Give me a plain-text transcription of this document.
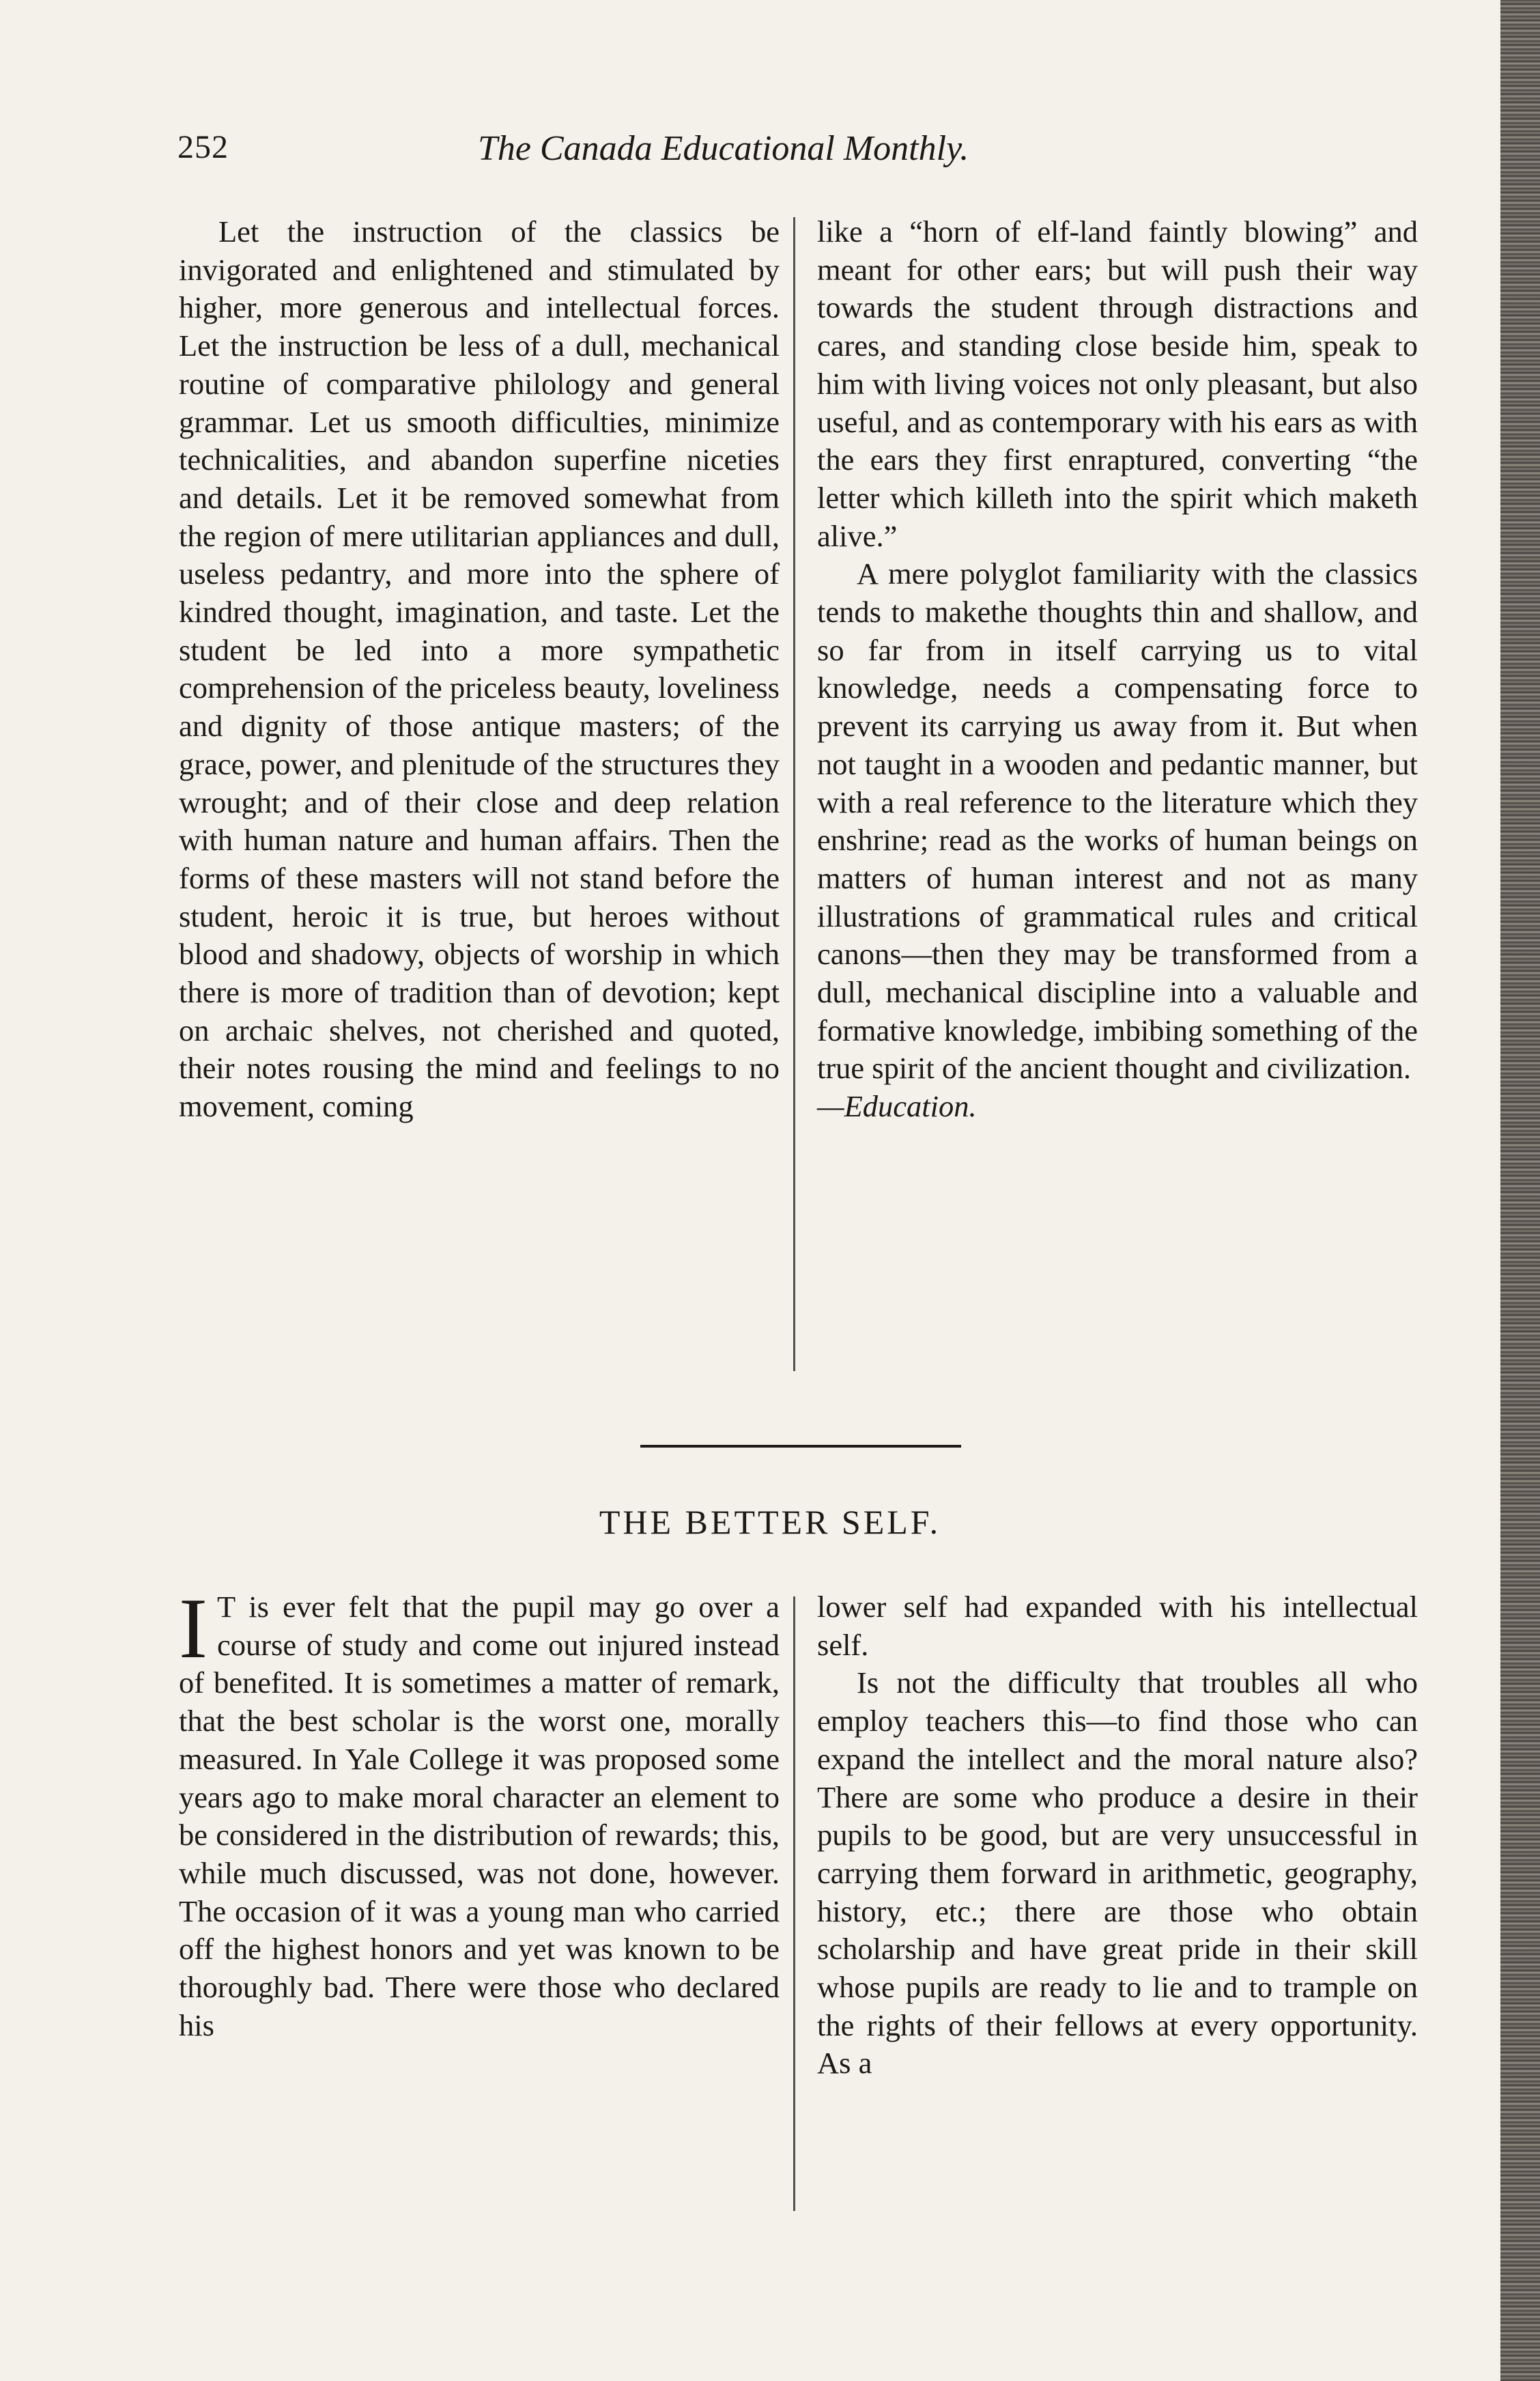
252	The Canada Educational Monthly.

Let the instruction of the classics be invigorated and enlightened and stimulated by higher, more generous and intellectual forces. Let the instruction be less of a dull, mechanical routine of comparative philology and general grammar. Let us smooth difficulties, minimize technicalities, and abandon superfine niceties and details. Let it be removed somewhat from the region of mere utilitarian appliances and dull, useless pedantry, and more into the sphere of kindred thought, imagination, and taste. Let the student be led into a more sympathetic comprehension of the priceless beauty, loveliness and dignity of those antique masters; of the grace, power, and plenitude of the structures they wrought; and of their close and deep relation with human nature and human affairs. Then the forms of these masters will not stand before the student, heroic it is true, but heroes without blood and shadowy, objects of worship in which there is more of tradition than of devotion; kept on archaic shelves, not cherished and quoted, their notes rousing the mind and feelings to no movement, coming

like a “horn of elf-land faintly blowing” and meant for other ears; but will push their way towards the student through distractions and cares, and standing close beside him, speak to him with living voices not only pleasant, but also useful, and as contemporary with his ears as with the ears they first enraptured, converting “the letter which killeth into the spirit which maketh alive.”

A mere polyglot familiarity with the classics tends to makethe thoughts thin and shallow, and so far from in itself carrying us to vital knowledge, needs a compensating force to prevent its carrying us away from it. But when not taught in a wooden and pedantic manner, but with a real reference to the literature which they enshrine; read as the works of human beings on matters of human interest and not as many illustrations of grammatical rules and critical canons—then they may be transformed from a dull, mechanical discipline into a valuable and formative knowledge, imbibing something of the true spirit of the ancient thought and civilization.

—Education.

THE BETTER SELF.

I T is ever felt that the pupil may go over a course of study and come out injured instead of benefited. It is sometimes a matter of remark, that the best scholar is the worst one, morally measured. In Yale College it was proposed some years ago to make moral character an element to be considered in the distribution of rewards; this, while much discussed, was not done, however. The occasion of it was a young man who carried off the highest honors and yet was known to be thoroughly bad. There were those who declared his

lower self had expanded with his intellectual self.

Is not the difficulty that troubles all who employ teachers this—to find those who can expand the intellect and the moral nature also? There are some who produce a desire in their pupils to be good, but are very unsuccessful in carrying them forward in arithmetic, geography, history, etc.; there are those who obtain scholarship and have great pride in their skill whose pupils are ready to lie and to trample on the rights of their fellows at every opportunity. As a
